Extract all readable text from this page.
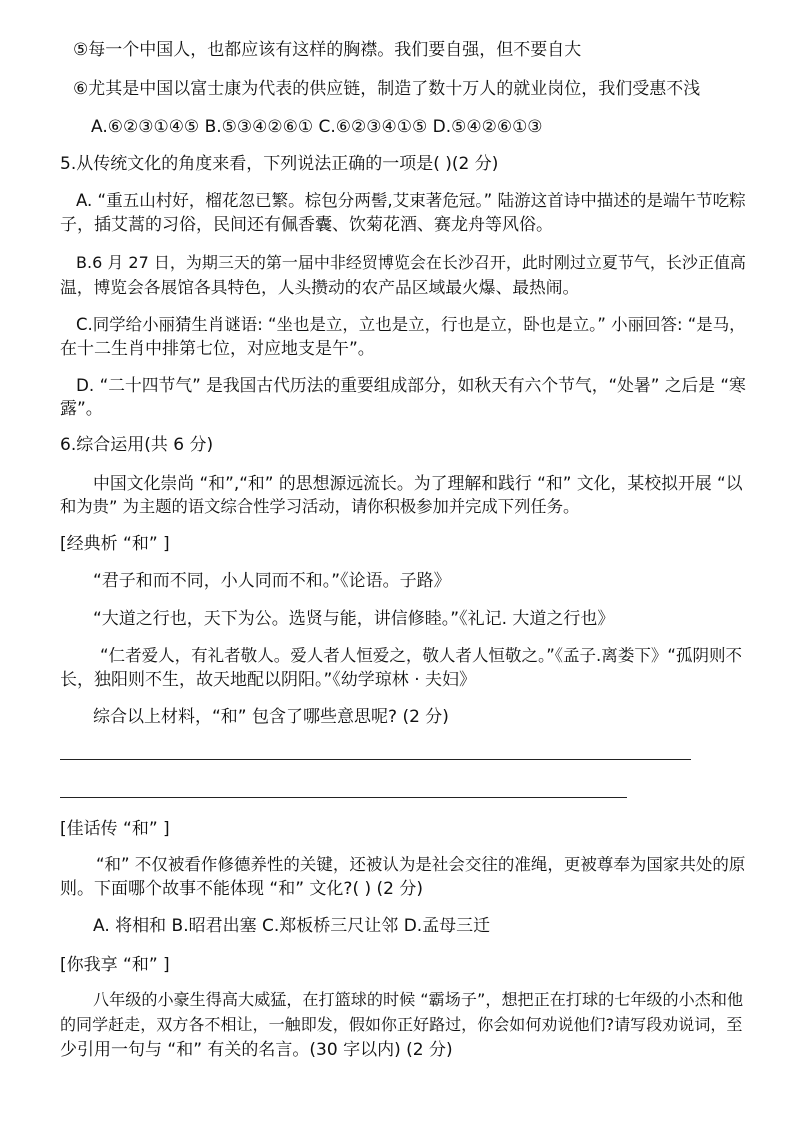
⑤每一个中国人，也都应该有这样的胸襟。我们要自强，但不要自大
⑥尤其是中国以富士康为代表的供应链，制造了数十万人的就业岗位，我们受惠不浅
A.⑥②③①④⑤ B.⑤③④②⑥① C.⑥②③④①⑤ D.⑤④②⑥①③
5.从传统文化的角度来看，下列说法正确的一项是( )(2 分)
A. “重五山村好，榴花忽已繁。棕包分两髻,艾束著危冠。” 陆游这首诗中描述的是端午节吃粽
子，插艾蒿的习俗，民间还有佩香囊、饮菊花酒、赛龙舟等风俗。
B.6 月 27 日，为期三天的第一届中非经贸博览会在长沙召开，此时刚过立夏节气，长沙正值高
温，博览会各展馆各具特色，人头攒动的农产品区域最火爆、最热闹。
C.同学给小丽猜生肖谜语: “坐也是立，立也是立，行也是立，卧也是立。” 小丽回答: “是马，
在十二生肖中排第七位，对应地支是午”。
D. “二十四节气” 是我国古代历法的重要组成部分，如秋天有六个节气，“处暑” 之后是 “寒
露”。
6.综合运用(共 6 分)
中国文化崇尚 “和”,“和” 的思想源远流长。为了理解和践行 “和” 文化，某校拟开展 “以
和为贵” 为主题的语文综合性学习活动，请你积极参加并完成下列任务。
[经典析 “和” ]
“君子和而不同，小人同而不和。”《论语。子路》
“大道之行也，天下为公。选贤与能，讲信修睦。”《礼记. 大道之行也》
“仁者爱人，有礼者敬人。爱人者人恒爱之，敬人者人恒敬之。”《孟子.离娄下》“孤阴则不
长，独阳则不生，故天地配以阴阳。”《幼学琼林 · 夫妇》
综合以上材料，“和” 包含了哪些意思呢? (2 分)
[佳话传 “和” ]
“和” 不仅被看作修德养性的关键，还被认为是社会交往的准绳，更被尊奉为国家共处的原
则。下面哪个故事不能体现 “和” 文化?( ) (2 分)
A. 将相和 B.昭君出塞 C.郑板桥三尺让邻 D.孟母三迁
[你我享 “和” ]
八年级的小豪生得高大威猛，在打篮球的时候 “霸场子”，想把正在打球的七年级的小杰和他
的同学赶走，双方各不相让，一触即发，假如你正好路过，你会如何劝说他们?请写段劝说词，至
少引用一句与 “和” 有关的名言。(30 字以内) (2 分)
